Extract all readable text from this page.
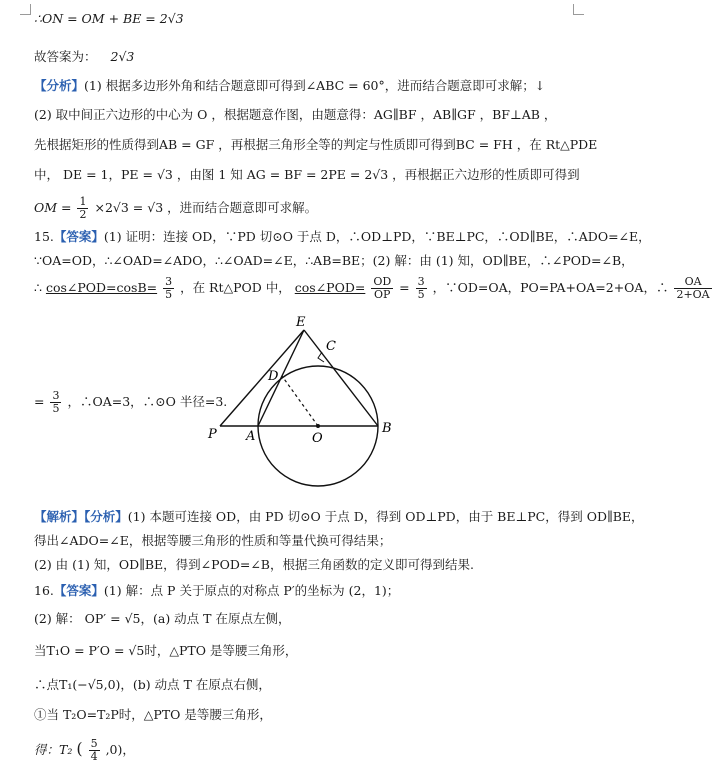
∴ON = OM + BE = 2√3
故答案为： 2√3
【分析】(1) 根据多边形外角和结合题意即可得到∠ABC = 60°，进而结合题意即可求解；↓
(2) 取中间正六边形的中心为 O ，根据题意作图，由题意得：AG∥BF ，AB∥GF ，BF⊥AB ，
先根据矩形的性质得到AB = GF ，再根据三角形全等的判定与性质即可得到BC = FH ，在 Rt△PDE
中， DE = 1，PE = √3 ，由图 1 知 AG = BF = 2PE = 2√3 ，再根据正六边形的性质即可得到
OM = $\frac{1}{2} \times 2√3 = √3$ ，进而结合题意即可求解。
15.【答案】(1) 证明：连接 OD，∵PD 切⊙O 于点 D，∴OD⊥PD，∵BE⊥PC，∴OD∥BE，∴ADO=∠E，
∵OA=OD，∴∠OAD=∠ADO，∴∠OAD=∠E，∴AB=BE；(2) 解：由 (1) 知，OD∥BE，∴∠POD=∠B，
∴ cos∠POD=cosB= $\frac{3}{5}$ ，在 Rt△POD 中， cos∠POD= $\frac{OD}{OP} = \frac{3}{5}$ ，∵OD=OA，PO=PA+OA=2+OA，∴ $\frac{OA}{2+OA}$
= $\frac{3}{5}$ ，∴OA=3，∴⊙O 半径=3.
E
C
D
P A	O
B
【解析】【分析】(1) 本题可连接 OD，由 PD 切⊙O 于点 D，得到 OD⊥PD，由于 BE⊥PC，得到 OD∥BE，
得出∠ADO=∠E，根据等腰三角形的性质和等量代换可得结果；
(2) 由 (1) 知，OD∥BE，得到∠POD=∠B，根据三角函数的定义即可得到结果.
16.【答案】(1) 解：点 P 关于原点的对称点 P′的坐标为 (2，1)；
(2) 解： OP′ = √5，(a) 动点 T 在原点左侧，
当T₁O = P′O = √5时，△PTO 是等腰三角形，
∴点T₁(−√5,0)，(b) 动点 T 在原点右侧，
①当 T₂O=T₂P时，△PTO 是等腰三角形，
得：T₂ ( $\frac{5}{4} ,0$)，
